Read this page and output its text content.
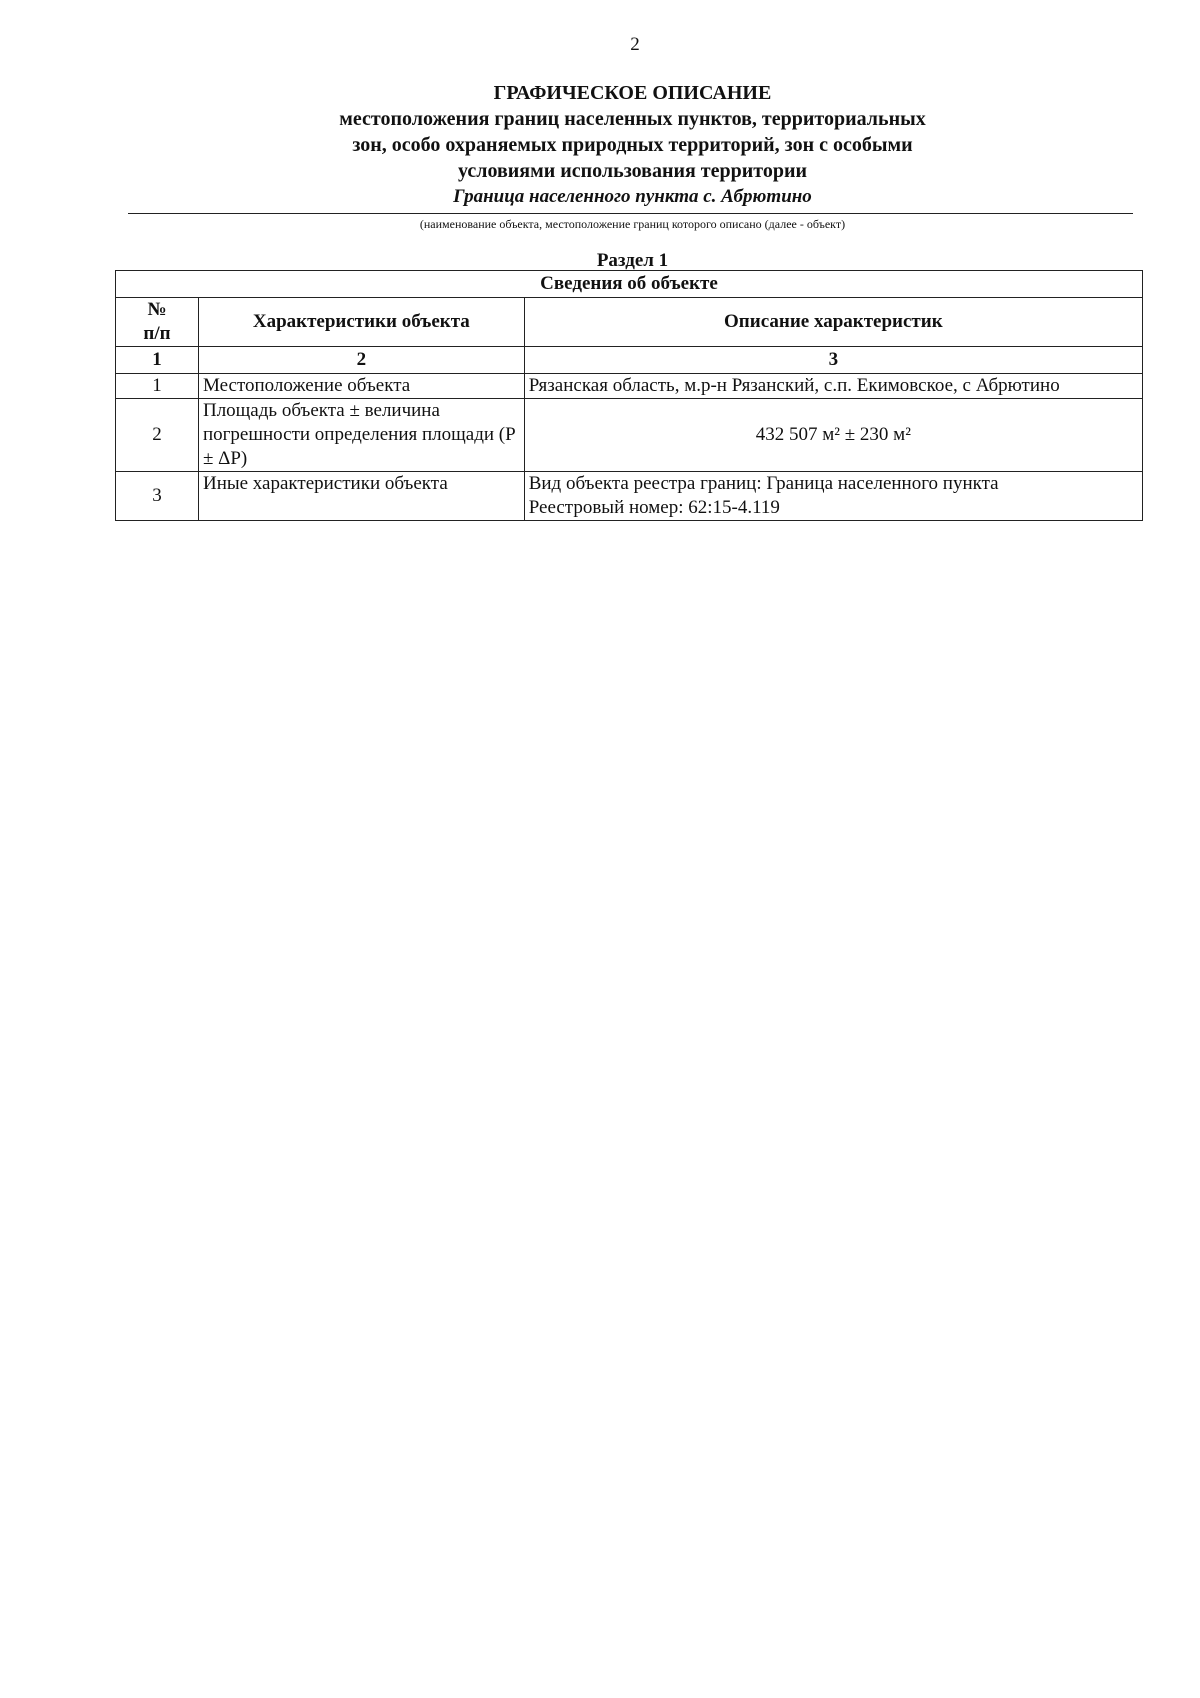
2
ГРАФИЧЕСКОЕ ОПИСАНИЕ
местоположения границ населенных пунктов, территориальных
зон, особо охраняемых природных территорий, зон с особыми
условиями использования территории
Граница населенного пункта с. Абрютино
(наименование объекта, местоположение границ которого описано (далее - объект)
Раздел 1
Сведения об объекте		
№ п/п	Характеристики объекта	Описание характеристик
1	2	3
1	Местоположение объекта	Рязанская область, м.р-н Рязанский, с.п. Екимовское, с Абрютино

2	Площадь объекта ± величина погрешности определения площади (P ± ΔP)	432 507 м² ± 230 м²

3	Иные характеристики объекта	Вид объекта реестра границ: Граница населенного пункта
Реестровый номер: 62:15-4.119
